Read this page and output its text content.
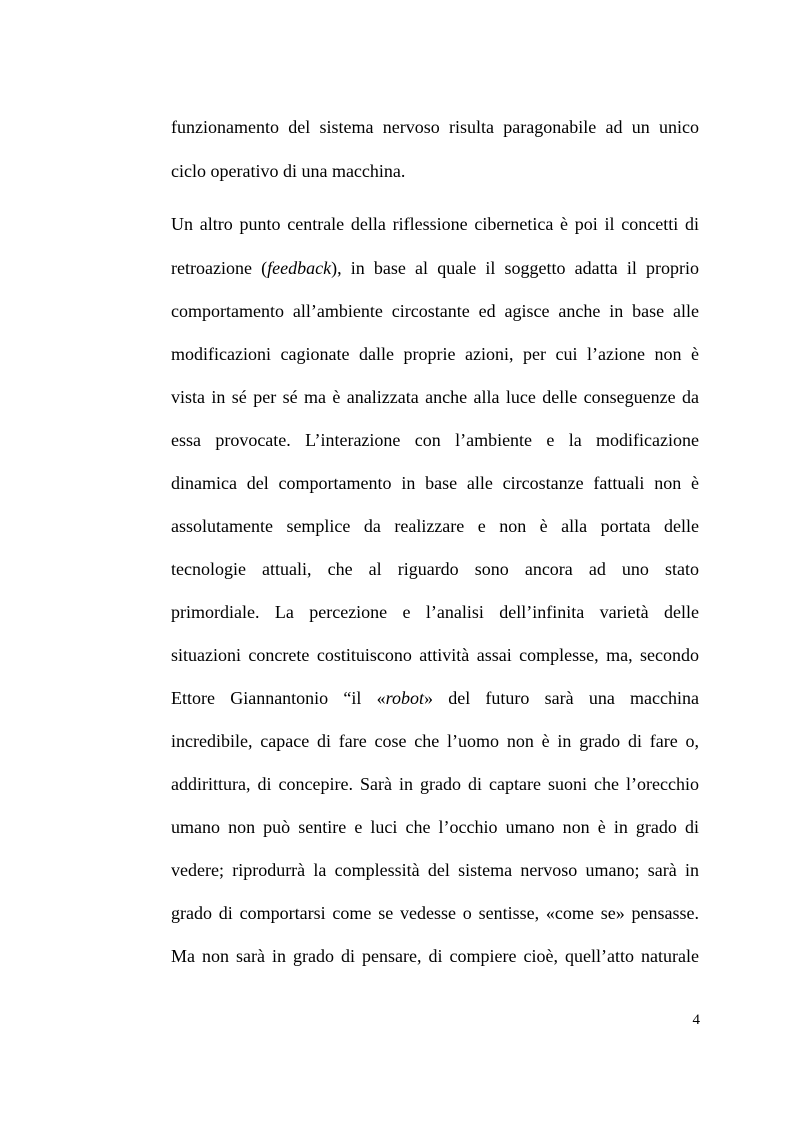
funzionamento del sistema nervoso risulta paragonabile ad un unico
ciclo operativo di una macchina.
Un altro punto centrale della riflessione cibernetica è poi il concetti di
retroazione (feedback), in base al quale il soggetto adatta il proprio
comportamento all’ambiente circostante ed agisce anche in base alle
modificazioni cagionate dalle proprie azioni, per cui l’azione non è
vista in sé per sé ma è analizzata anche alla luce delle conseguenze da
essa provocate. L’interazione con l’ambiente e la modificazione
dinamica del comportamento in base alle circostanze fattuali non è
assolutamente semplice da realizzare e non è alla portata delle
tecnologie attuali, che al riguardo sono ancora ad uno stato
primordiale. La percezione e l’analisi dell’infinita varietà delle
situazioni concrete costituiscono attività assai complesse, ma, secondo
Ettore Giannantonio “il «robot» del futuro sarà una macchina
incredibile, capace di fare cose che l’uomo non è in grado di fare o,
addirittura, di concepire. Sarà in grado di captare suoni che l’orecchio
umano non può sentire e luci che l’occhio umano non è in grado di
vedere; riprodurrà la complessità del sistema nervoso umano; sarà in
grado di comportarsi come se vedesse o sentisse, «come se» pensasse.
Ma non sarà in grado di pensare, di compiere cioè, quell’atto naturale
4
